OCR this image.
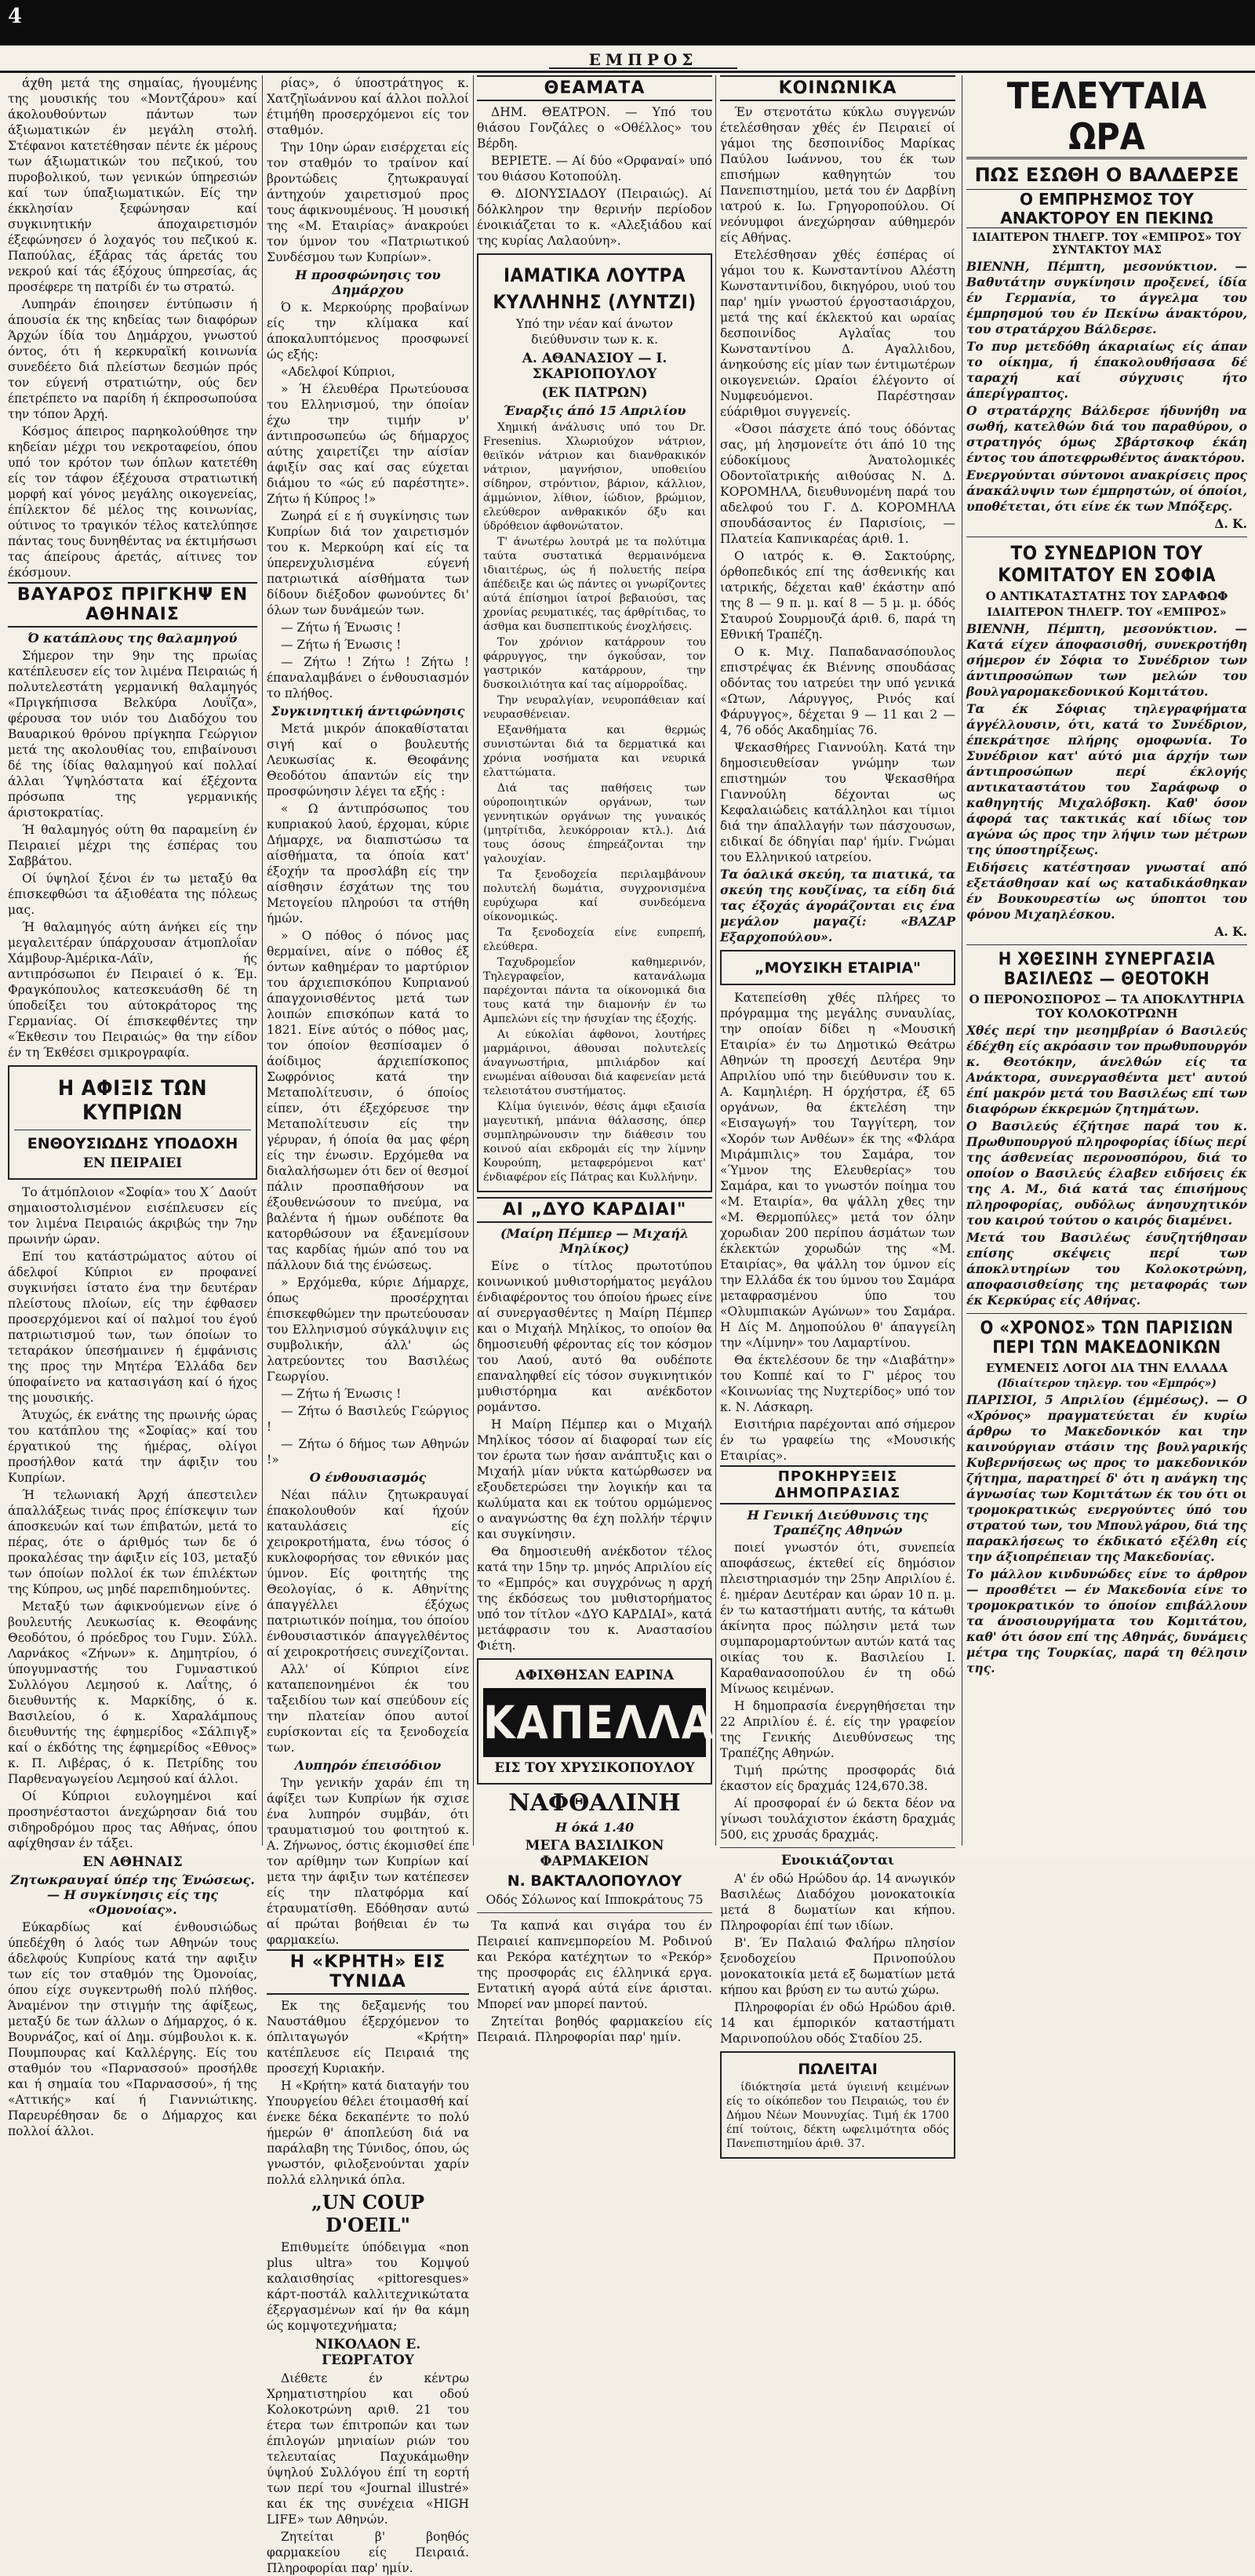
4
ΕΜΠΡΟΣ

άχθη μετά της σημαίας, ήγουμένης της μουσικής του «Μοντζάρου» καί άκολουθούντων πάντων των άξιωματικών έν μεγάλη στολή. Στέφανοι κατετέθησαν πέντε έκ μέρους των άξιωματικών του πεζικού, του πυροβολικού, των γενικών ύπηρεσιών καί των ύπαξιωματικών. Είς την έκκλησίαν ξεφώνησαν καί συγκινητικήν άποχαιρετισμόν έξεφώνησεν ό λοχαγός του πεζικού κ. Παπούλας, έξάρας τάς άρετάς του νεκρού καί τάς έξόχους ύπηρεσίας, άς προσέφερε τη πατρίδι έν τω στρατώ.

Λυπηράν έποιησεν έντύπωσιν ή άπουσία έκ της κηδείας των διαφόρων Άρχών ίδία του Δημάρχου, γνωστού όντος, ότι ή κερκυραϊκή κοινωνία συνεδέετο διά πλείστων δεσμών πρός τον εύγενή στρατιώτην, ούς δεν έπετρέπετο να παρίδη ή έκπροσωπούσα την τόπον Άρχή.

Κόσμος άπειρος παρηκολούθησε την κηδείαν μέχρι του νεκροταφείου, όπου υπό τον κρότον των όπλων κατετέθη είς τον τάφον έξέχουσα στρατιωτική μορφή καί γόνος μεγάλης οικογενείας, έπίλεκτον δέ μέλος της κοινωνίας, ούτινος το τραγικόν τέλος κατελύπησε πάντας τους δυνηθέντας να έκτιμήσωσι τας άπείρους άρετάς, αίτινες τον έκόσμουν.

ΒΑΥΑΡΟΣ ΠΡΙΓΚΗΨ ΕΝ ΑΘΗΝΑΙΣ
Ό κατάπλους της θαλαμηγού

Σήμερον την 9ην της πρωίας κατέπλευσεν είς τον λιμένα Πειραιώς ή πολυτελεστάτη γερμανική θαλαμηγός «Πριγκήπισσα Βελκύρα Λουΐζα», φέρουσα τον υιόν του Διαδόχου του Βαυαρικού θρόνου πρίγκηπα Γεώργιον μετά της ακολουθίας του, επιβαίνουσι δέ της ίδίας θαλαμηγού καί πολλαί άλλαι Ύψηλόστατα καί έξέχοντα πρόσωπα της γερμανικής άριστοκρατίας.

Ή θαλαμηγός ούτη θα παραμείνη έν Πειραιεί μέχρι της έσπέρας του Σαββάτου.

Οί ύψηλοί ξένοι έν τω μεταξύ θα έπισκεφθώσι τα άξιοθέατα της πόλεως μας.

Ή θαλαμηγός αύτη άνήκει είς την μεγαλειτέραν ύπάρχουσαν άτμοπλοΐαν Χάμβουρ-Άμέρικα-Λάϊν, ής αντιπρόσωποι έν Πειραιεί ό κ. Έμ. Φραγκόπουλος κατεσκευάσθη δέ τη ύποδείξει του αύτοκράτορος της Γερμανίας. Οί έπισκεφθέντες την «Έκθεσιν του Πειραιώς» θα την είδον έν τη Έκθέσει σμικρογραφία.

Η ΑΦΙΞΙΣ ΤΩΝ ΚΥΠΡΙΩΝ
ΕΝΘΟΥΣΙΩΔΗΣ ΥΠΟΔΟΧΗ
ΕΝ ΠΕΙΡΑΙΕΙ

Το άτμόπλοιον «Σοφία» του Χ΄ Δαούτ σημαιοστολισμένον εισέπλευσεν είς τον λιμένα Πειραιώς άκριβώς την 7ην πρωινήν ώραν.

Επί του κατάστρώματος αύτου οί άδελφοί Κύπριοι εν προφανεί συγκινήσει ίστατο ένα την δευτέραν πλείστους πλοίων, είς την έφθασεν προσερχόμενοι καί οί παλμοί του έγού πατριωτισμού των, των όποίων το τεταράκον ύπεσήμαινεν ή έμφάνισις της προς την Μητέρα Έλλάδα δεν ύποφαίνετο να κατασιγάση καί ό ήχος της μουσικής.

Άτυχώς, έκ ενάτης της πρωινής ώρας του κατάπλου της «Σοφίας» καί του έργατικού της ήμέρας, ολίγοι προσήλθον κατά την άφιξιν του Κυπρίων.

Ή τελωνιακή Άρχή άπεστειλεν άπαλλάξεως τινάς προς έπίσκεψιν των άποσκευών καί των έπιβατών, μετά το πέρας, ότε ο άριθμός των δε ό προκαλέσας την άφιξιν είς 103, μεταξύ των όποίων πολλοί έκ των έπιλέκτων της Κύπρου, ως μηδέ παρεπιδημούντες.

Μεταξύ των άφικνούμενων είνε ό βουλευτής Λευκωσίας κ. Θεοφάνης Θεοδότου, ό πρόεδρος του Γυμν. Σύλλ. Λαρνάκος «Ζήνων» κ. Δημητρίου, ό ύπογυμναστής του Γυμναστικού Συλλόγου Λεμησού κ. Λαΐτης, ό διευθυντής κ. Μαρκίδης, ό κ. Βασιλείου, ό κ. Χαραλάμπους διευθυντής της έφημερίδος «Σάλπιγξ» καί ο έκδότης της έφημερίδος «Εθνος» κ. Π. Λιβέρας, ό κ. Πετρίδης του Παρθεναγωγείου Λεμησού καί άλλοι.

Οί Κύπριοι ευλογημένοι καί προσηνέσταστοι άνεχώρησαν διά του σιδηροδρόμου προς τας Αθήνας, όπου αφίχθησαν έν τάξει.

ΕΝ ΑΘΗΝΑΙΣ
Ζητωκραυγαί ύπέρ της Ένώσεως. — Η συγκίνησις είς της «Ομονοίας».

Εύκαρδίως καί ένθουσιώδως ύπεδέχθη ό λαός των Αθηνών τους άδελφούς Κυπρίους κατά την αφιξιν των είς τον σταθμόν της Όμονοίας, όπου είχε συγκεντρωθή πολύ πλήθος. Άναμένον την στιγμήν της άφίξεως, μεταξύ δε των άλλων ο Δήμαρχος, ό κ. Βουρνάζος, καί οί Δημ. σύμβουλοι κ. κ. Πουμπουρας καί Καλλέργης. Είς του σταθμόν του «Παρνασσού» προσήλθε και ή σημαία του «Παρνασσού», ή της «Αττικής» καί ή Γιαννιώτικης. Παρευρέθησαν δε ο Δήμαρχος και πολλοί άλλοι.

ρίας», ό ύποστράτηγος κ. Χατζηϊωάννου καί άλλοι πολλοί έτιμήθη προσερχόμενοι είς τον σταθμόν.

Την 10ην ώραν εισέρχεται είς τον σταθμόν το τραίνον καί βροντώδεις ζητωκραυγαί άντηχούν χαιρετισμού προς τους άφικνουμένους. Ή μουσική της «Μ. Εταιρίας» άνακρούει τον ύμνον του «Πατριωτικού Συνδέσμου των Κυπρίων».

Η προσφώνησις του Δημάρχου

Ό κ. Μερκούρης προβαίνων είς την κλίμακα καί άποκαλυπτόμενος προσφωνεί ώς εξής:

«Αδελφοί Κύπριοι,

» Ή έλευθέρα Πρωτεύουσα του Ελληνισμού, την όποίαν έχω την τιμήν ν' άντιπροσωπεύω ώς δήμαρχος αύτης χαιρετίζει την αίσίαν άφιξίν σας καί σας εύχεται διάμου το «ώς εύ παρέστητε». Ζήτω ή Κύπρος !»

Ζωηρά εί ε ή συγκίνησις των Κυπρίων διά τον χαιρετισμόν του κ. Μερκούρη καί είς τα ύπερενχυλισμένα εύγενή πατριωτικά αίσθήματα των δίδουν διέξοδον φωνούντες δι' όλων των δυνάμεών των.

— Ζήτω ή Ένωσις !

— Ζήτω ή Ένωσις !

— Ζήτω ! Ζήτω ! Ζήτω ! έπαναλαμβάνει ο ένθουσιασμόν το πλήθος.

Συγκινητική άντιφώνησις

Μετά μικρόν άποκαθίσταται σιγή καί ο βουλευτής Λευκωσίας κ. Θεοφάνης Θεοδότου άπαντών είς την προσφώνησιν λέγει τα εξής :

« Ω άντιπρόσωπος του κυπριακού λαού, έρχομαι, κύριε Δήμαρχε, να διαπιστώσω τα αίσθήματα, τα όποία κατ' έξοχήν τα προσλάβη είς την αίσθησιν έσχάτων της του Μετογείου πληρούσι τα στήθη ήμών.

» Ο πόθος ό πόνος μας θερμαίνει, αίνε ο πόθος έξ όντων καθημέραν το μαρτύριον του άρχιεπισκόπου Κυπριανού άπαγχονισθέντος μετά των λοιπών επισκόπων κατά το 1821. Είνε αύτός ο πόθος μας, τον όποίον θεσπίσαμεν ό άοίδιμος άρχιεπίσκοπος Σωφρόνιος κατά την Μεταπολίτευσιν, ό όποίος είπεν, ότι έξεχόρευσε την Μεταπολίτευσιν είς την γέρυραν, ή όποία θα μας φέρη είς την ένωσιν. Ερχόμεθα να διαλαλήσωμεν ότι δεν οί θεσμοί πάλιν προσπαθήσουν να έξουθενώσουν το πνεύμα, να βαλέντα ή ήμων ουδέποτε θα κατορθώσουν να έξανεμίσουν τας καρδίας ήμών από του να πάλλουν διά της ένώσεως.

» Ερχόμεθα, κύριε Δήμαρχε, όπως προσέρχηται έπισκεφθώμεν την πρωτεύουσαν του Ελληνισμού σύγκάλυψιν εις συμβολικήν, άλλ' ώς λατρεύοντες του Βασιλέως Γεωργίου.

— Ζήτω ή Ένωσις !

— Ζήτω ό Βασιλεύς Γεώργιος !

— Ζήτω ό δήμος των Αθηνών !»

Ο ένθουσιασμός

Νέαι πάλιν ζητωκραυγαί έπακολουθούν καί ήχούν καταυλάσεις είς χειροκροτήματα, ένω τόσος ό κυκλοφορήσας τον εθνικόν μας ύμνον. Είς φοιτητής της Θεολογίας, ό κ. Αθηνίτης άπαγγέλλει έξόχως πατριωτικόν ποίημα, του όποίου ένθουσιαστικόν άπαγγελθέντος αί χειροκροτήσεις συνεχίζονται.

Αλλ' οί Κύπριοι είνε καταπεπονημένοι έκ του ταξειδίου των καί σπεύδουν είς την πλατείαν όπου αυτοί ευρίσκονται είς τα ξενοδοχεία των.

Λυπηρόν έπεισόδιον

Την γενικήν χαράν έπι τη άφίξει των Κυπρίων ήκ σχισε ένα λυπηρόν συμβάν, ότι τραυματισμού του φοιτητού κ. Α. Ζήνωνος, όστις έκομισθεί έπε τον αρίθμην των Κυπρίων καί μετα την άφιξιν των κατέπεσεν είς την πλατφόρμα καί έτραυματίσθη. Εδόθησαν αυτώ αί πρώται βοήθειαι έν τω φαρμακείω.

Η «ΚΡΗΤΗ» ΕΙΣ ΤΥΝΙΔΑ

Εκ της δεξαμενής του Ναυστάθμου έξερχόμενον το όπλιταγωγόν «Κρήτη» κατέπλευσε είς Πειραιά της προσεχή Κυριακήν.

Η «Κρήτη» κατά διαταγήν του Υπουργείου θέλει έτοιμασθή καί ένεκε δέκα δεκαπέντε το πολύ ήμερών θ' άποπλεύση διά να παράλαβη της Τύνιδος, όπου, ώς γνωστόν, φιλοξενούνται χαρίν πολλά ελληνικά όπλα.

„UN COUP D'OEIL"

Επιθυμείτε ύπόδειγμα «non plus ultra» του Κομψού καλαισθησίας «pittoresques» κάρτ-ποστάλ καλλιτεχνικώτατα έξεργασμένων καί ήν θα κάμη ώς κομψοτεχνήματα;

ΝΙΚΟΛΑΟΝ Ε. ΓΕΩΡΓΑΤΟΥ

Διέθετε έν κέντρω Χρηματιστηρίου και οδού Κολοκοτρώνη αριθ. 21 του έτερα των έπιτροπών και των έπιλογών μηνιαίων ριών του τελευταίας Παχυκάμωθην ύψηλού Συλλόγου έπί τη εορτή των περί του «Journal illustré» και έκ της συνέχεια «HIGH LIFE» των Αθηνών.

Ζητείται β' βοηθός φαρμακείου είς Πειραιά. Πληροφορίαι παρ' ημίν.

ΘΕΑΜΑΤΑ

ΔΗΜ. ΘΕΑΤΡΟΝ. — Υπό του θιάσου Γονζάλες ο «Οθέλλος» του Βέρδη.

ΒΕΡΙΕΤΕ. — Αί δύο «Ορφαναί» υπό του θιάσου Κοτοπούλη.

Θ. ΔΙΟΝΥΣΙΑΔΟΥ (Πειραιώς). Αί δόλκληρον την θερινήν περίοδον ένοικιάζεται το κ. «Αλεξιάδου καί της κυρίας Λαλαούνη».

ΙΑΜΑΤΙΚΑ ΛΟΥΤΡΑ
ΚΥΛΛΗΝΗΣ (ΛΥΝΤΖΙ)

Υπό την νέαν καί άνωτον διεύθυνσιν των κ. κ.

Α. ΑΘΑΝΑΣΙΟΥ — Ι. ΣΚΑΡΙΟΠΟΥΛΟΥ
(ΕΚ ΠΑΤΡΩΝ)
Έναρξις άπό 15 Απριλίου

Χημική άνάλυσις υπό του Dr. Fresenius. Χλωριούχον νάτριον, θειϊκόν νάτριον και διανθρακικόν νάτριον, μαγνήσιον, υποθειίου σίδηρον, στρόντιον, βάριον, κάλλιον, άμμώνιον, λίθιον, ίώδιον, βρώμιον, ελεύθερον ανθρακικόν όξυ και ύδρόθειον άφθονώτατον.

Τ' άνωτέρω λουτρά με τα πολύτιμα ταύτα συστατικά θερμαινόμενα ιδιαιτέρως, ώς ή πολυετής πείρα άπέδειξε και ώς πάντες οι γνωρίζοντες αύτά έπίσημοι ίατροί βεβαιούσι, τας χρονίας ρευματικές, τας άρθρίτιδας, το άσθμα και δυσπεπτικούς ένοχλήσεις.

Τον χρόνιον κατάρρουν του φάρρυγγος, την όγκοΰσαν, τον γαστρικόν κατάρρουν, την δυσκοιλιότητα καί τας αίμορροΐδας.

Την νευραλγίαν, νευροπάθειαν καί νευρασθένειαν.

Εξανθήματα και θερμώς συνιστώνται διά τα δερματικά και χρόνια νοσήματα και νευρικά ελαττώματα.

Διά τας παθήσεις των ούροποιητικών οργάνων, των γεννητικών οργάνων της γυναικός (μητρίτιδα, λευκόρροιαν κτλ.). Διά τους όσους έπηρεάζονται την γαλουχίαν.

Τα ξενοδοχεία περιλαμβάνουν πολυτελή δωμάτια, συγχρονισμένα ευρύχωρα καί συνδεόμενα οίκονομικώς.

Τα ξενοδοχεία είνε ευπρεπή, ελεύθερα.

Ταχυδρομεΐον καθημερινόν, Τηλεγραφεΐον, κατανάλωμα παρέχονται πάντα τα οίκονομικά δια τους κατά την διαμονήν έν τω Αμπελώνι είς την ήσυχίαν της έξοχής.

Αι εύκολίαι άφθονοι, λουτήρες μαρμάρινοι, άθουσαι πολυτελείς άναγνωστήρια, μπιλιάρδον καί ενωμέναι αίθουσαι διά καφενείαν μετά τελειοτάτου συστήματος.

Κλίμα ύγιεινόν, θέσις άμφι εξαισία μαγευτική, μπάνια θάλασσης, όπερ συμπληρώνουσιν την διάθεσιν του κοινού αίαι εκδρομάι είς την λίμνην Κουρούπη, μεταφερόμενοι κατ' ένδιαφέρον είς Πάτρας και Κυλλήνην.

ΑΙ „ΔΥΟ ΚΑΡΔΙΑΙ"
(Μαίρη Πέμπερ — Μιχαήλ Μηλίκος)

Είνε ο τίτλος πρωτοτύπου κοινωνικού μυθιστορήματος μεγάλου ένδιαφέροντος του όποίου ήρωες είνε αί συνεργασθέντες η Μαίρη Πέμπερ και ο Μιχαήλ Μηλίκος, το οποίον θα δημοσιευθή φέροντας είς τον κόσμον του Λαού, αυτό θα ουδέποτε επαναληφθεί είς τόσον συγκινητικόν μυθιστόρημα και ανέκδοτον ρομάντσο.

Η Μαίρη Πέμπερ και ο Μιχαήλ Μηλίκος τόσον αί διαφοραί των είς τον έρωτα των ήσαν ανάπτυξις και ο Μιχαήλ μίαν νύκτα κατώρθωσεν να εξουδετερώσει την λογικήν και τα κωλύματα και εκ τούτου ορμώμενος ο αναγνώστης θα έχη πολλήν τέρψιν και συγκίνησιν.

Θα δημοσιευθή ανέκδοτον τέλος κατά την 15ην τρ. μηνός Απριλίου είς το «Εμπρός» και συγχρόνως η αρχή της έκδόσεως του μυθιστορήματος υπό τον τίτλον «ΔΥΟ ΚΑΡΔΙΑΙ», κατά μετάφρασιν του κ. Αναστασίου Φιέτη.

ΑΦΙΧΘΗΣΑΝ ΕΑΡΙΝΑ
ΚΑΠΕΛΛΑ
ΕΙΣ ΤΟΥ ΧΡΥΣΙΚΟΠΟΥΛΟΥ
ΝΑΦΘΑΛΙΝΗ
Η όκά 1.40
ΜΕΓΑ ΒΑΣΙΛΙΚΟΝ ΦΑΡΜΑΚΕΙΟΝ
Ν. ΒΑΚΤΑΛΟΠΟΥΛΟΥ

Οδός Σόλωνος καί Ιπποκράτους 75

Τα καπνά και σιγάρα του έν Πειραιεί καπνεμπορείου Μ. Ροδινού και Ρεκόρα κατέχητων το «Ρεκόρ» της προσφοράς εις έλληνικά εργα. Εντατική αγορά αύτά είνε άρισται. Μπορεί ναν μπορεί παντού.

Ζητείται βοηθός φαρμακείου είς Πειραιά. Πληροφορίαι παρ' ημίν.

ΚΟΙΝΩΝΙΚΑ

Έν στενοτάτω κύκλω συγγενών έτελέσθησαν χθές έν Πειραιεί οί γάμοι της δεσποινίδος Μαρίκας Παύλου Ιωάννου, του έκ των επισήμων καθηγητών του Πανεπιστημίου, μετά του έν Δαρβίνη ιατρού κ. Ιω. Γρηγοροπούλου. Οί νεόνυμφοι άνεχώρησαν αύθημερόν είς Αθήνας.

Ετελέσθησαν χθές έσπέρας οί γάμοι του κ. Κωνσταντίνου Αλέστη Κωνσταντινίδου, δικηγόρου, υιού του παρ' ημίν γνωστού έργοστασιάρχου, μετά της καί έκλεκτού και ωραίας δεσποινίδος Αγλαΐας του Κωνσταντίνου Δ. Αγαλλιδου, άνηκούσης είς μίαν των έντιμωτέρων οικογενειών. Ωραίοι έλέγοντο οί Νυμφευόμενοι. Παρέστησαν εύάριθμοι συγγενείς.

«Όσοι πάσχετε άπό τους όδόντας σας, μή λησμονείτε ότι άπό 10 της εύδοκίμους Άνατολομικές Οδοντοϊατρικής αιθούσας Ν. Δ. ΚΟΡΟΜΗΛΑ, διευθυνομένη παρά του αδελφού του Γ. Δ. ΚΟΡΟΜΗΛΑ σπουδάσαντος έν Παρισίοις, — Πλατεία Καπνικαρέας άριθ. 1.

Ο ιατρός κ. Θ. Σακτούρης, όρθοπεδικός επί της άσθενικής και ιατρικής, δέχεται καθ' έκάστην από της 8 — 9 π. μ. καί 8 — 5 μ. μ. όδός Σταυρού Σουρμουζά άριθ. 6, παρά τη Εθνική Τραπέζη.

Ο κ. Μιχ. Παπαδανασόπουλος επιστρέψας έκ Βιέννης σπουδάσας οδόντας του ιατρεύει την υπό γενικά «Ωτων, Λάρυγγος, Ρινός καί Φάρυγγος», δέχεται 9 — 11 και 2 — 4, 76 οδός Ακαδημίας 76.

Ψεκασθήρες Γιαννούλη. Κατά την δημοσιευθείσαν γνώμην των επιστημών του Ψεκασθήρα Γιαννούλη δέχονται ως Κεφαλαιώδεις κατάλληλοι και τίμιοι διά την άπαλλαγήν των πάσχουσων, ειδικαί δε όδηγίαι παρ' ήμίν. Γνώμαι του Ελληνικού ιατρείου.

Τα όαλικά σκεύη, τα πιατικά, τα σκεύη της κουζίνας, τα είδη διά τας έξοχάς άγοράζονται εις ένα μεγάλον μαγαζί: «ΒΑΖΑΡ Εξαρχοπούλου».

„ΜΟΥΣΙΚΗ ΕΤΑΙΡΙΑ"

Κατεπείσθη χθές πλήρες το πρόγραμμα της μεγάλης συναυλίας, την οποίαν δίδει η «Μουσική Εταιρία» έν τω Δημοτικώ Θεάτρω Αθηνών τη προσεχή Δευτέρα 9ην Απριλίου υπό την διεύθυνσιν του κ. Α. Καμηλιέρη. Η όρχήστρα, έξ 65 οργάνων, θα έκτελέση την «Εισαγωγή» του Ταγγίτερη, τον «Χορόν των Ανθέων» έκ της «Φλάρα Μιράμπιλις» του Σαμάρα, τον «Ύμνον της Ελευθερίας» του Σαμάρα, και το γνωστόν ποίημα του «Μ. Εταιρία», θα ψάλλη χθες την «Μ. Θερμοπύλες» μετά τον όλην χορωδιαν 200 περίπου άσμάτων των έκλεκτών χορωδών της «Μ. Εταιρίας», θα ψάλλη τον ύμνον είς την Ελλάδα έκ του ύμνου του Σαμάρα μεταφρασμένου ύπο του «Ολυμπιακών Αγώνων» του Σαμάρα. Η Δίς Μ. Δημοπούλου θ' άπαγγείλη την «Λίμνην» του Λαμαρτίνου.

Θα έκτελέσουν δε την «Διαβάτην» του Κοππέ καί το Γ' μέρος του «Κοινωνίας της Νυχτερίδος» υπό τον κ. Ν. Λάσκαρη.

Εισιτήρια παρέχονται από σήμερον έν τω γραφείω της «Μουσικής Εταιρίας».

ΠΡΟΚΗΡΥΞΕΙΣ ΔΗΜΟΠΡΑΣΙΑΣ
Η Γενική Διεύθυνσις της Τραπέζης Αθηνών

ποιεί γνωστόν ότι, συνεπεία αποφάσεως, έκτεθεί είς δημόσιον πλειστηριασμόν την 25ην Απριλίου έ. έ. ημέραν Δευτέραν και ώραν 10 π. μ. έν τω καταστήματι αυτής, τα κάτωθι άκίνητα προς πώλησιν μετά των συμπαρομαρτούντων αυτών κατά τας οικίας του κ. Βασιλείου Ι. Καραθανασοπούλου έν τη οδώ Μίνωος κειμένων.

Η δημοπρασία ένεργηθήσεται την 22 Απριλίου έ. έ. είς την γραφείον της Γενικής Διευθύνσεως της Τραπέζης Αθηνών.

Τιμή πρώτης προσφοράς διά έκαστον είς δραχμάς 124,670.38.

Αί προσφοραί έν ώ δεκτα δέον να γίνωσι τουλάχιστον έκάστη δραχμάς 500, εις χρυσάς δραχμάς.

Ενοικιάζονται

Α' έν οδώ Ηρώδου άρ. 14 ανωγικόν Βασιλέως Διαδόχου μονοκατοικία μετά 8 δωματίων και κήπου. Πληροφορίαι έπί των ιδίων.

Β'. Έν Παλαιώ Φαλήρω πλησίον ξενοδοχείου Πρινοπούλου μονοκατοικία μετά εξ δωματίων μετά κήπου και βρύση εν τω αυτώ χώρω.

Πληροφορίαι έν οδώ Ηρώδου άριθ. 14 και έμπορικόν καταστήματι Μαρινοπούλου οδός Σταδίου 25.

ΠΩΛΕΙΤΑΙ

ίδιόκτησία μετά ύγιεινή κειμένων είς το οίκόπεδον του Πειραιώς, του έν Δήμου Νέων Μουνυχίας. Τιμή έκ 1700 έπί τούτοις, δέκτη ωφελιμότητα οδός Πανεπιστημίου άριθ. 37.

ΤΕΛΕΥΤΑΙΑ ΩΡΑ
ΠΩΣ ΕΣΩΘΗ Ο ΒΑΛΔΕΡΣΕ
Ο ΕΜΠΡΗΣΜΟΣ ΤΟΥ ΑΝΑΚΤΟΡΟΥ ΕΝ ΠΕΚΙΝΩ
ΙΔΙΑΙΤΕΡΟΝ ΤΗΛΕΓΡ. ΤΟΥ «ΕΜΠΡΟΣ» ΤΟΥ ΣΥΝΤΑΚΤΟΥ ΜΑΣ

ΒΙΕΝΝΗ, Πέμπτη, μεσονύκτιον. — Βαθυτάτην συγκίνησιν προξενεί, ίδία έν Γερμανία, το άγγελμα του έμπρησμού του έν Πεκίνω άνακτόρου, του στρατάρχου Βάλδερσε.

Το πυρ μετεδόθη άκαριαίως είς άπαν το οίκημα, ή έπακολουθήσασα δέ ταραχή καί σύγχυσις ήτο άπερίγραπτος.

Ο στρατάρχης Βάλδερσε ήδυνήθη να σωθή, κατελθών διά του παραθύρου, ο στρατηγός όμως Σβάρτσκοφ έκάη έντος του άποτεφρωθέντος άνακτόρου.

Ενεργούνται σύντονοι ανακρίσεις προς άνακάλυψιν των έμπρηστών, οί όποίοι, υποθέτεται, ότι είνε έκ των Μπόξερς.

Δ. Κ.
ΤΟ ΣΥΝΕΔΡΙΟΝ ΤΟΥ ΚΟΜΙΤΑΤΟΥ ΕΝ ΣΟΦΙΑ
Ο ΑΝΤΙΚΑΤΑΣΤΑΤΗΣ ΤΟΥ ΣΑΡΑΦΩΦ
ΙΔΙΑΙΤΕΡΟΝ ΤΗΛΕΓΡ. ΤΟΥ «ΕΜΠΡΟΣ»

ΒΙΕΝΝΗ, Πέμπτη, μεσονύκτιον. — Κατά είχεν άποφασισθή, συνεκροτήθη σήμερον έν Σόφια το Συνέδριον των άντιπροσώπων των μελών του βουλγαρομακεδονικού Κομιτάτου.

Τα έκ Σόφιας τηλεγραφήματα άγγέλλουσιν, ότι, κατά το Συνέδριον, έπεκράτησε πλήρης ομοφωνία. Το Συνέδριον κατ' αύτό μια άρχήν των άντιπροσώπων περί έκλογής αντικαταστάτου του Σαράφωφ ο καθηγητής Μιχαλόβσκη. Καθ' όσον άφορά τας τακτικάς καί ιδίως τον αγώνα ώς προς την λήψιν των μέτρων της ύποστηρίξεως.

Ειδήσεις κατέστησαν γνωσταί από εξετάσθησαν καί ως καταδικάσθηκαν έν Βουκουρεστίω ως ύποπτοι του φόνου Μιχαηλέσκου.

Α. Κ.
Η ΧΘΕΣΙΝΗ ΣΥΝΕΡΓΑΣΙΑ ΒΑΣΙΛΕΩΣ — ΘΕΟΤΟΚΗ
Ο ΠΕΡΟΝΟΣΠΟΡΟΣ — ΤΑ ΑΠΟΚΛΥΤΗΡΙΑ ΤΟΥ ΚΟΛΟΚΟΤΡΩΝΗ

Χθές περί την μεσημβρίαν ό Βασιλεύς έδέχθη είς ακρόασιν τον πρωθυπουργόν κ. Θεοτόκην, άνελθών είς τα Ανάκτορα, συνεργασθέντα μετ' αυτού έπί μακρόν μετά του Βασιλέως επί των διαφόρων έκκρεμών ζητημάτων.

Ο Βασιλεύς έζήτησε παρά του κ. Πρωθυπουργού πληροφορίας ίδίως περί της άσθενείας περονοσπόρου, διά το οποίον ο Βασιλεύς έλαβεν ειδήσεις έκ της Α. Μ., διά κατά τας έπισήμους πληροφορίας, ουδόλως άνησυχητικόν του καιρού τούτου ο καιρός διαμένει.

Μετά του Βασιλέως έσυζητήθησαν επίσης σκέψεις περί των άποκλυτηρίων του Κολοκοτρώνη, αποφασισθείσης της μεταφοράς των έκ Κερκύρας είς Αθήνας.

Ο «ΧΡΟΝΟΣ» ΤΩΝ ΠΑΡΙΣΙΩΝ ΠΕΡΙ ΤΩΝ ΜΑΚΕΔΟΝΙΚΩΝ
ΕΥΜΕΝΕΙΣ ΛΟΓΟΙ ΔΙΑ ΤΗΝ ΕΛΛΑΔΑ
(Ιδιαίτερον τηλεγρ. του «Εμπρός»)

ΠΑΡΙΣΙΟΙ, 5 Απριλίου (έμμέσως). — Ο «Χρόνος» πραγματεύεται έν κυρίω άρθρω το Μακεδονικόν και την καινούργιαν στάσιν της βουλγαρικής Κυβερνήσεως ως προς το μακεδονικόν ζήτημα, παρατηρεί δ' ότι η ανάγκη της άγνωσίας των Κομιτάτων έκ του ότι οι τρομοκρατικώς ενεργούντες ύπό του στρατού των, του Μπουλγάρου, διά της παρακλήσεως το έκδικατό εξέλθη είς την άξιοπρέπειαν της Μακεδονίας.

Το μάλλον κινδυνώδες είνε το άρθρον — προσθέτει — έν Μακεδονία είνε το τρομοκρατικόν το όποίον επιβάλλουν τα άνοσιουργήματα του Κομιτάτου, καθ' ότι όσον επί της Αθηνάς, δυνάμεις μέτρα της Τουρκίας, παρά τη θέλησιν της.
